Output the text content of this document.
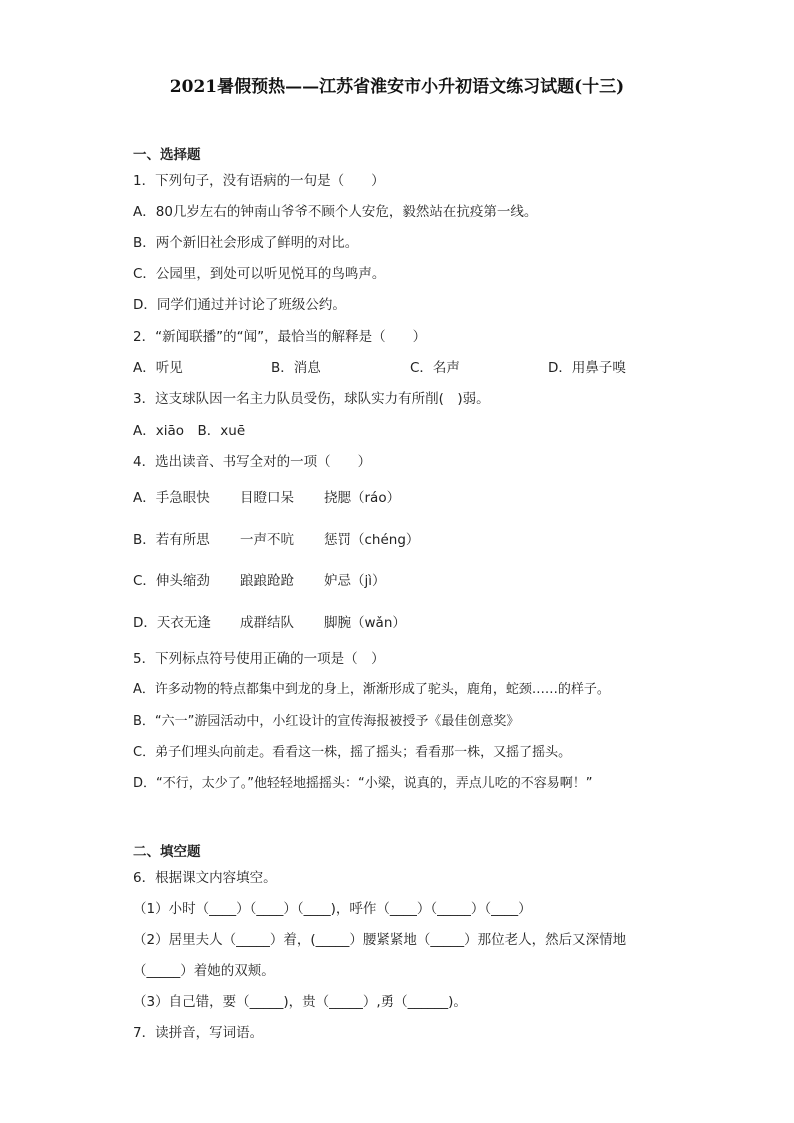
2021暑假预热——江苏省淮安市小升初语文练习试题(十三)
一、选择题
1．下列句子，没有语病的一句是（　　）
A．80几岁左右的钟南山爷爷不顾个人安危，毅然站在抗疫第一线。
B．两个新旧社会形成了鲜明的对比。
C．公园里，到处可以听见悦耳的鸟鸣声。
D．同学们通过并讨论了班级公约。
2．“新闻联播”的“闻”，最恰当的解释是（　　）
A．听见	B．消息	C．名声	D．用鼻子嗅
3．这支球队因一名主力队员受伤，球队实力有所削(　)弱。
A．xiāo　B．xuē
4．选出读音、书写全对的一项（　　）
A．手急眼快 目瞪口呆 挠腮（ráo）
B．若有所思 一声不吭 惩罚（chéng）
C．伸头缩劲 踉踉跄跄 妒忌（jì）
D．天衣无逢 成群结队 脚腕（wǎn）
5．下列标点符号使用正确的一项是（　）
A．许多动物的特点都集中到龙的身上，渐渐形成了驼头，鹿角，蛇颈……的样子。
B．“六一”游园活动中，小红设计的宣传海报被授予《最佳创意奖》
C．弟子们埋头向前走。看看这一株，摇了摇头；看看那一株，又摇了摇头。
D．“不行，太少了。”他轻轻地摇摇头：“小梁，说真的，弄点儿吃的不容易啊！”
二、填空题
6．根据课文内容填空。
（1）小时（____）（____）（____)，呼作（____）（_____）（____）
（2）居里夫人（_____）着，(_____）腰紧紧地（_____）那位老人，然后又深情地
（_____）着她的双颊。
（3）自己错，要（_____)，贵（_____）,勇（______)。
7．读拼音，写词语。
